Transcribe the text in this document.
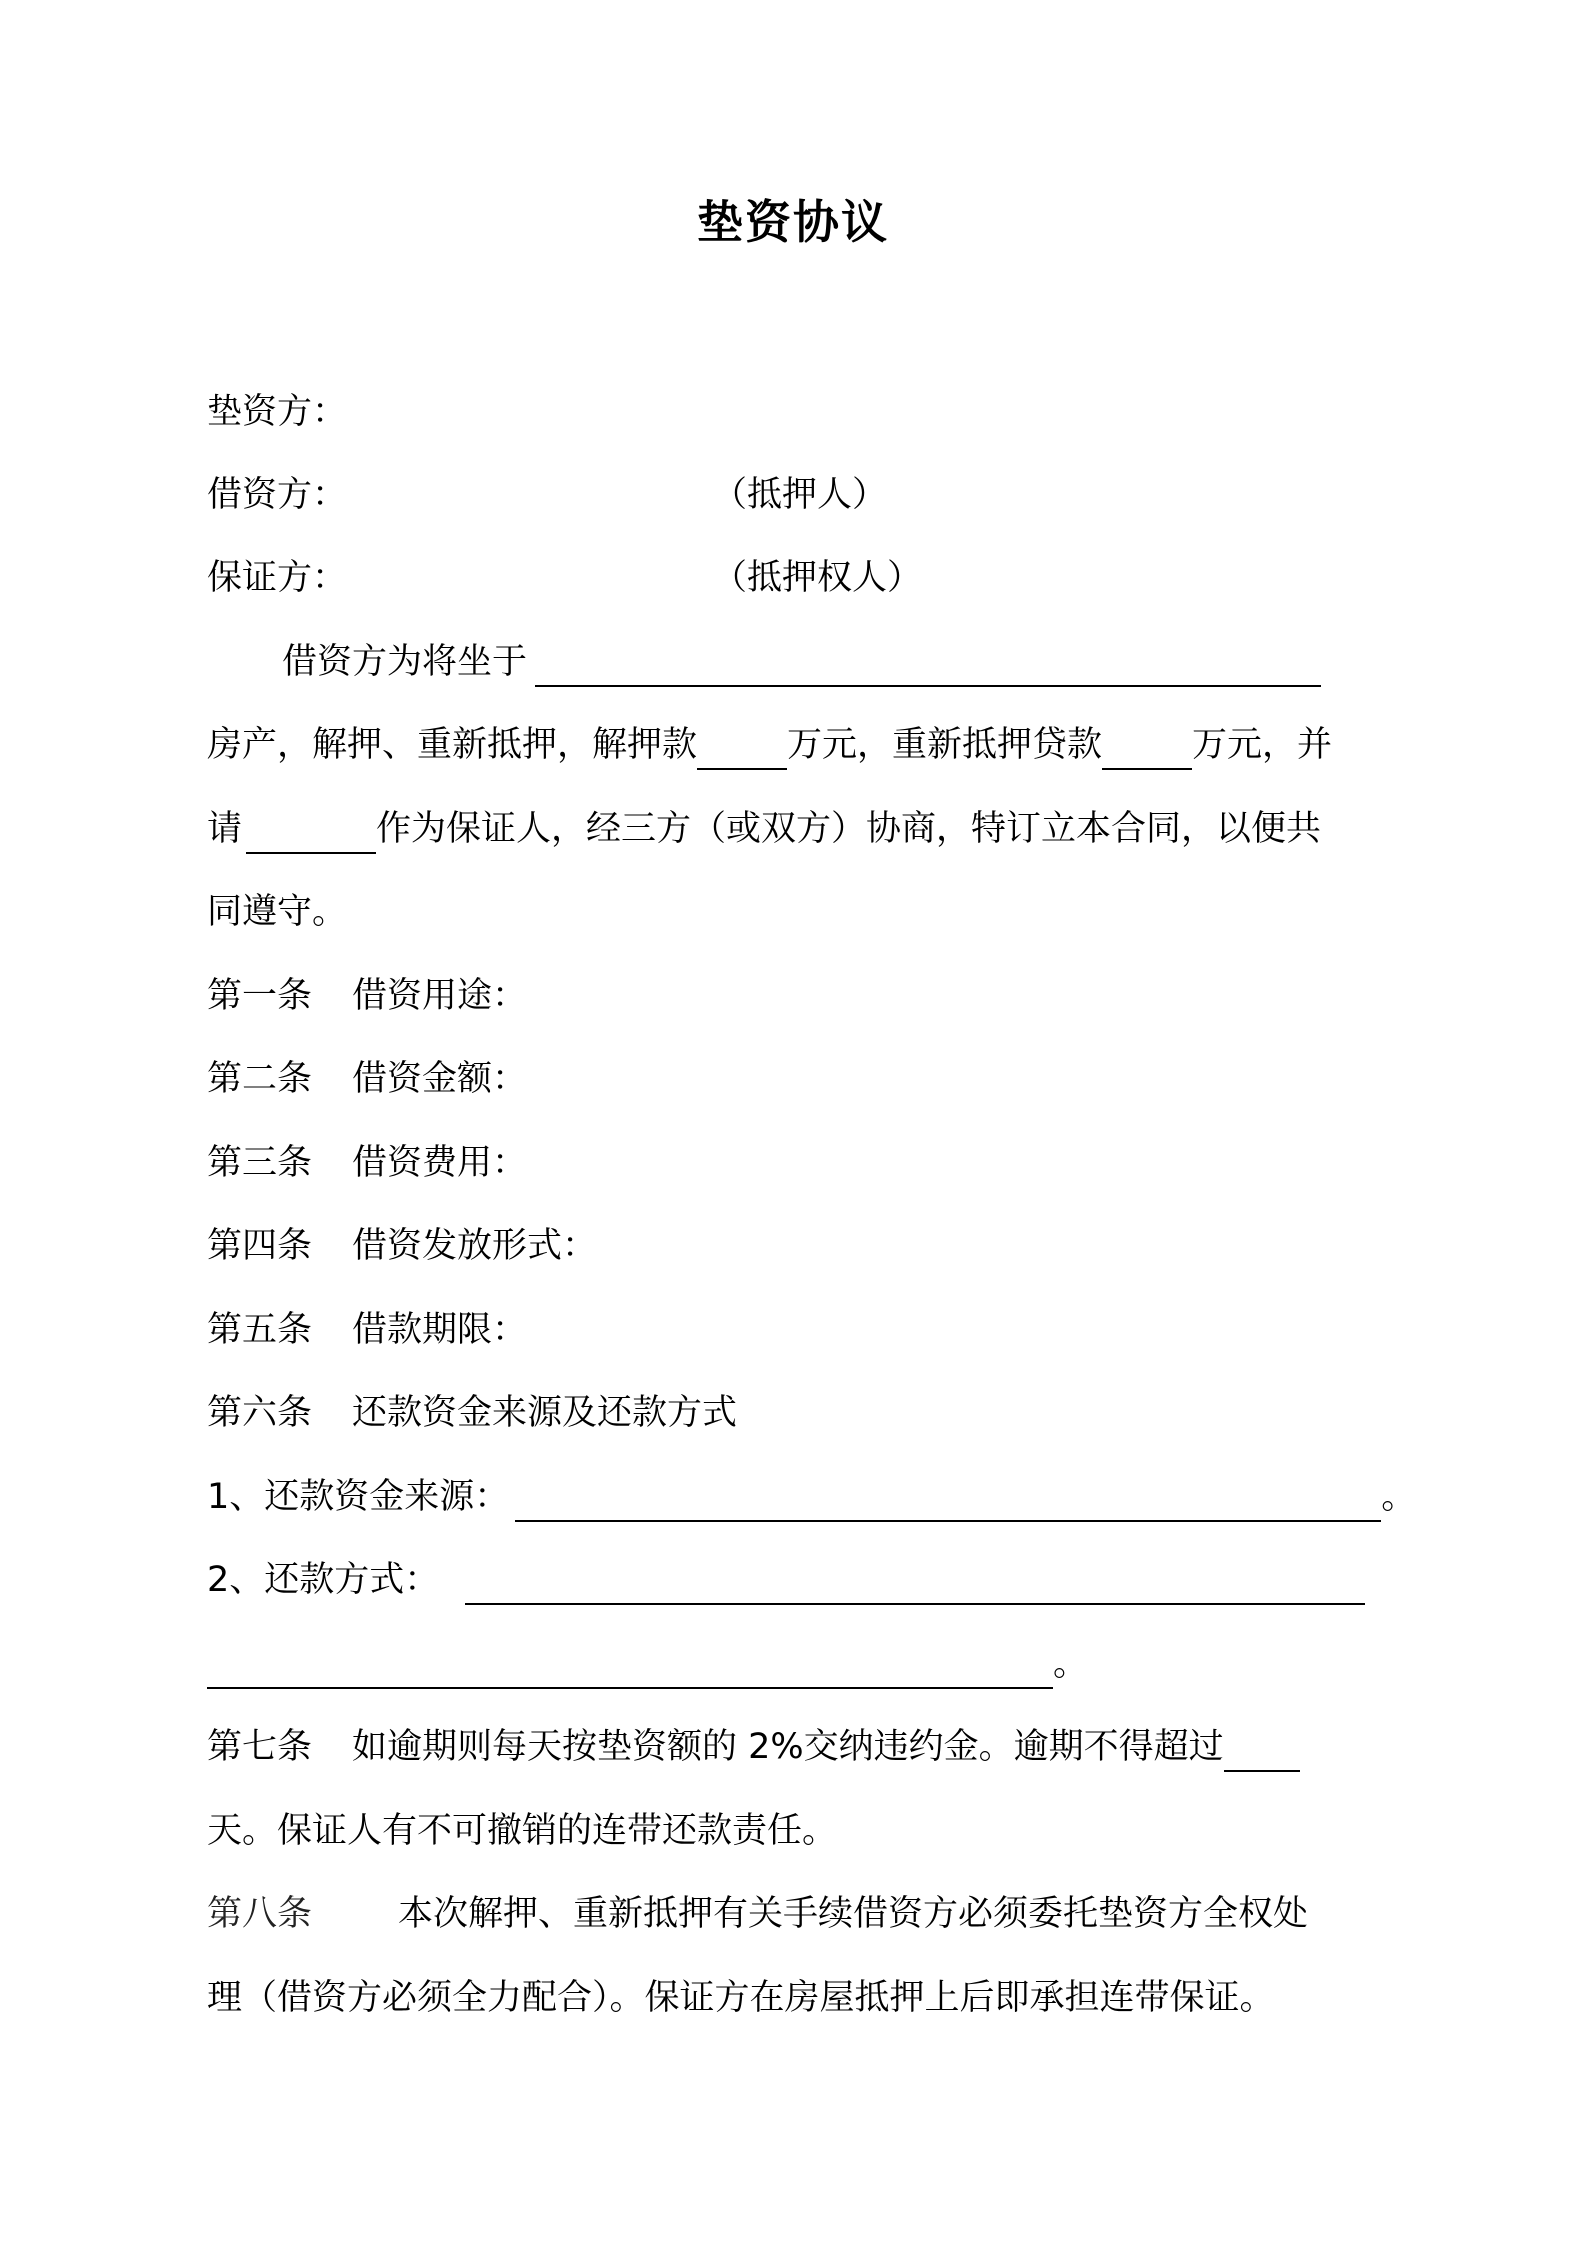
垫资协议
垫资方：
借资方：	（抵押人）
保证方：	（抵押权人）
借资方为将坐于
房产，解押、重新抵押，解押款	万元，重新抵押贷款	万元，并
请	作为保证人，经三方（或双方）协商，特订立本合同，以便共
同遵守。
第一条 借资用途：
第二条 借资金额：
第三条 借资费用：
第四条 借资发放形式：
第五条 借款期限：
第六条 还款资金来源及还款方式
1、还款资金来源：	。
2、还款方式：
。
第七条 如逾期则每天按垫资额的 2%交纳违约金。逾期不得超过
天。保证人有不可撤销的连带还款责任。
第八条 本次解押、重新抵押有关手续借资方必须委托垫资方全权处
理（借资方必须全力配合）。保证方在房屋抵押上后即承担连带保证。
